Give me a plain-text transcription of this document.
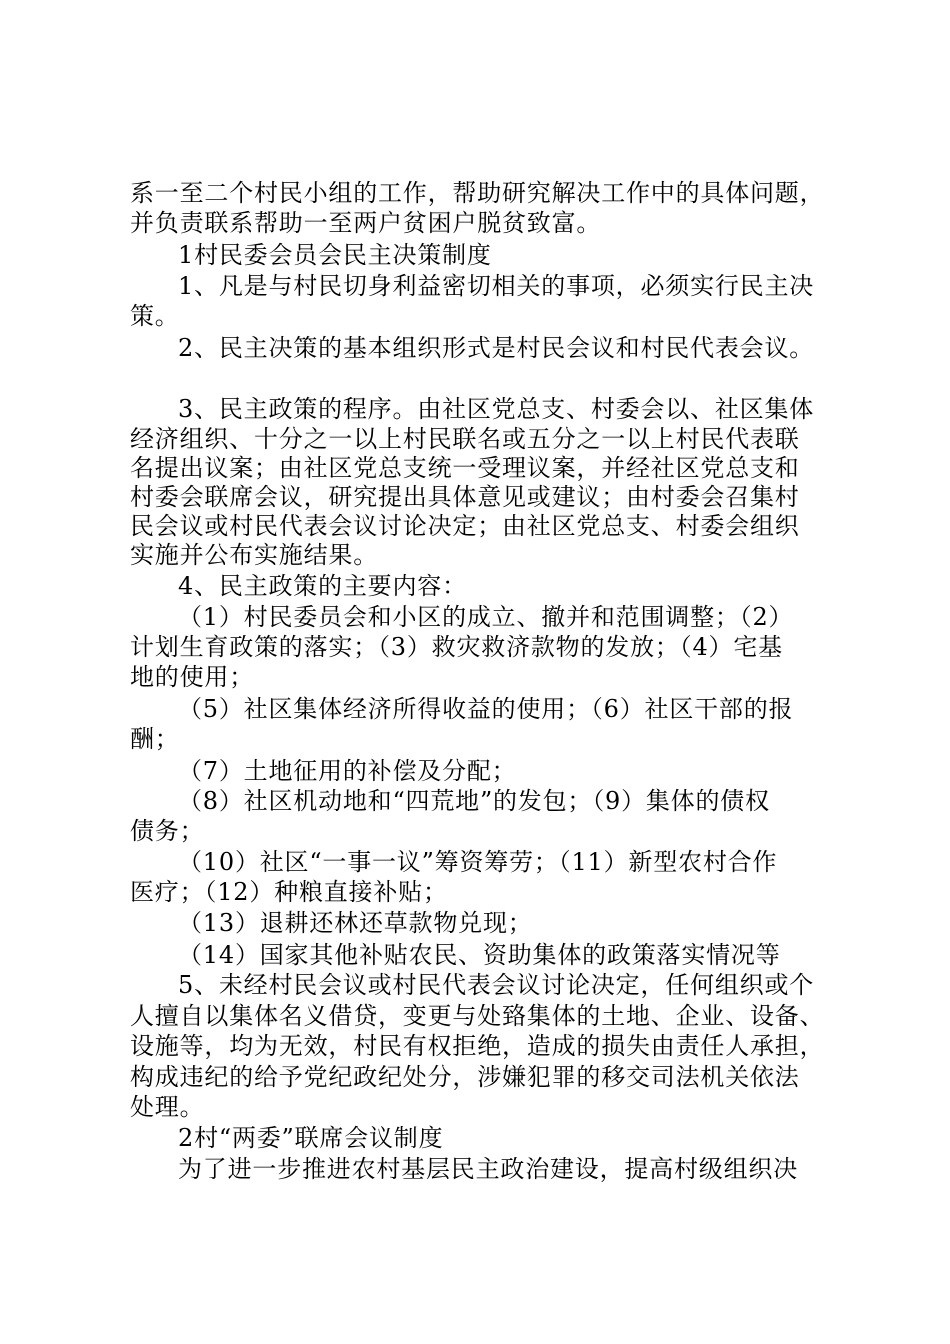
系一至二个村民小组的工作，帮助研究解决工作中的具体问题，
并负责联系帮助一至两户贫困户脱贫致富。
1村民委会员会民主决策制度
1、凡是与村民切身利益密切相关的事项，必须实行民主决
策。
2、民主决策的基本组织形式是村民会议和村民代表会议。
3、民主政策的程序。由社区党总支、村委会以、社区集体
经济组织、十分之一以上村民联名或五分之一以上村民代表联
名提出议案；由社区党总支统一受理议案，并经社区党总支和
村委会联席会议，研究提出具体意见或建议；由村委会召集村
民会议或村民代表会议讨论决定；由社区党总支、村委会组织
实施并公布实施结果。
4、民主政策的主要内容：
（1）村民委员会和小区的成立、撤并和范围调整；（2）
计划生育政策的落实；（3）救灾救济款物的发放；（4）宅基
地的使用；
（5）社区集体经济所得收益的使用；（6）社区干部的报
酬；
（7）土地征用的补偿及分配；
（8）社区机动地和“四荒地”的发包；（9）集体的债权
债务；
（10）社区“一事一议”筹资筹劳；（11）新型农村合作
医疗；（12）种粮直接补贴；
（13）退耕还林还草款物兑现；
（14）国家其他补贴农民、资助集体的政策落实情况等
5、未经村民会议或村民代表会议讨论决定，任何组织或个
人擅自以集体名义借贷，变更与处臵集体的土地、企业、设备、
设施等，均为无效，村民有权拒绝，造成的损失由责任人承担，
构成违纪的给予党纪政纪处分，涉嫌犯罪的移交司法机关依法
处理。
2村“两委”联席会议制度
为了进一步推进农村基层民主政治建设，提高村级组织决
